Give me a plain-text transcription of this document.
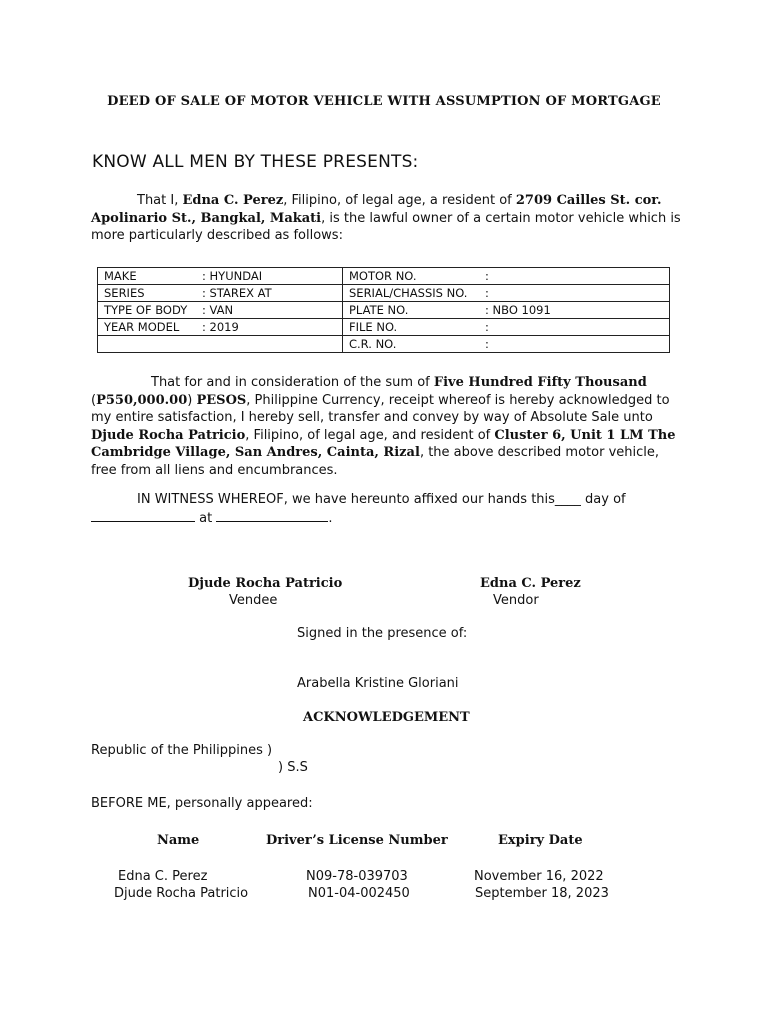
DEED OF SALE OF MOTOR VEHICLE WITH ASSUMPTION OF MORTGAGE
KNOW ALL MEN BY THESE PRESENTS:
That I, Edna C. Perez, Filipino, of legal age, a resident of 2709 Cailles St. cor. Apolinario St., Bangkal, Makati, is the lawful owner of a certain motor vehicle which is more particularly described as follows:
MAKE : HYUNDAI	MOTOR NO. :
SERIES : STAREX AT	SERIAL/CHASSIS NO. :
TYPE OF BODY : VAN	PLATE NO. : NBO 1091
YEAR MODEL : 2019	FILE NO. :
	C.R. NO. :
That for and in consideration of the sum of Five Hundred Fifty Thousand (P550,000.00) PESOS, Philippine Currency, receipt whereof is hereby acknowledged to my entire satisfaction, I hereby sell, transfer and convey by way of Absolute Sale unto Djude Rocha Patricio, Filipino, of legal age, and resident of Cluster 6, Unit 1 LM The Cambridge Village, San Andres, Cainta, Rizal, the above described motor vehicle, free from all liens and encumbrances.
IN WITNESS WHEREOF, we have hereunto affixed our hands this____ day of
at	.
Djude Rocha Patricio
Vendee
Edna C. Perez
Vendor
Signed in the presence of:
Arabella Kristine Gloriani
ACKNOWLEDGEMENT
Republic of the Philippines )
) S.S
BEFORE ME, personally appeared:
Name	Driver’s License Number	Expiry Date
Edna C. Perez	N09-78-039703	November 16, 2022
Djude Rocha Patricio	N01-04-002450	September 18, 2023
